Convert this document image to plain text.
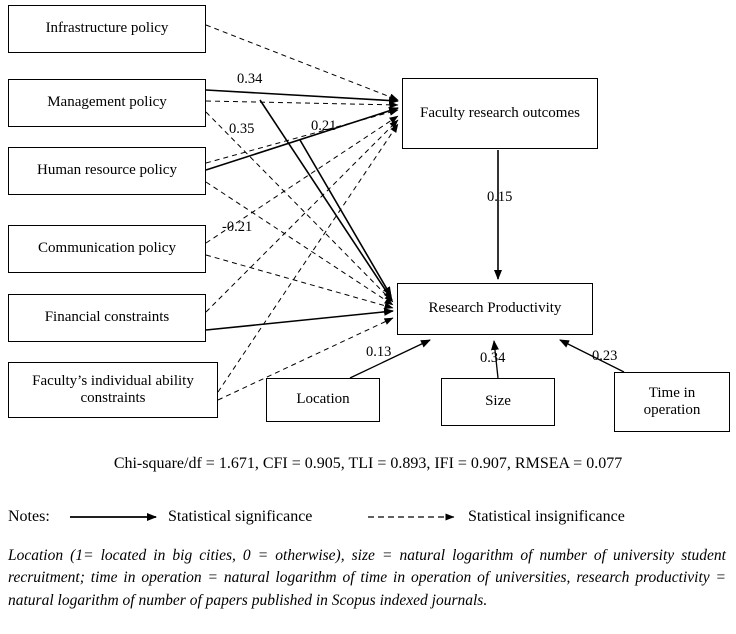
Infrastructure policy
Management policy
Human resource policy
Communication policy
Financial constraints
Faculty’s individual ability constraints
Faculty research outcomes
Research Productivity
Location	Size
Time in operation
0.34
0.21
0.35
0.15
-0.21
0.13	0.34	0.23
Chi-square/df = 1.671, CFI = 0.905, TLI = 0.893, IFI = 0.907, RMSEA = 0.077
Notes:	Statistical significance	Statistical insignificance
Location (1= located in big cities, 0 = otherwise), size = natural logarithm of number of university student recruitment; time in operation = natural logarithm of time in operation of universities, research productivity = natural logarithm of number of papers published in Scopus indexed journals.
